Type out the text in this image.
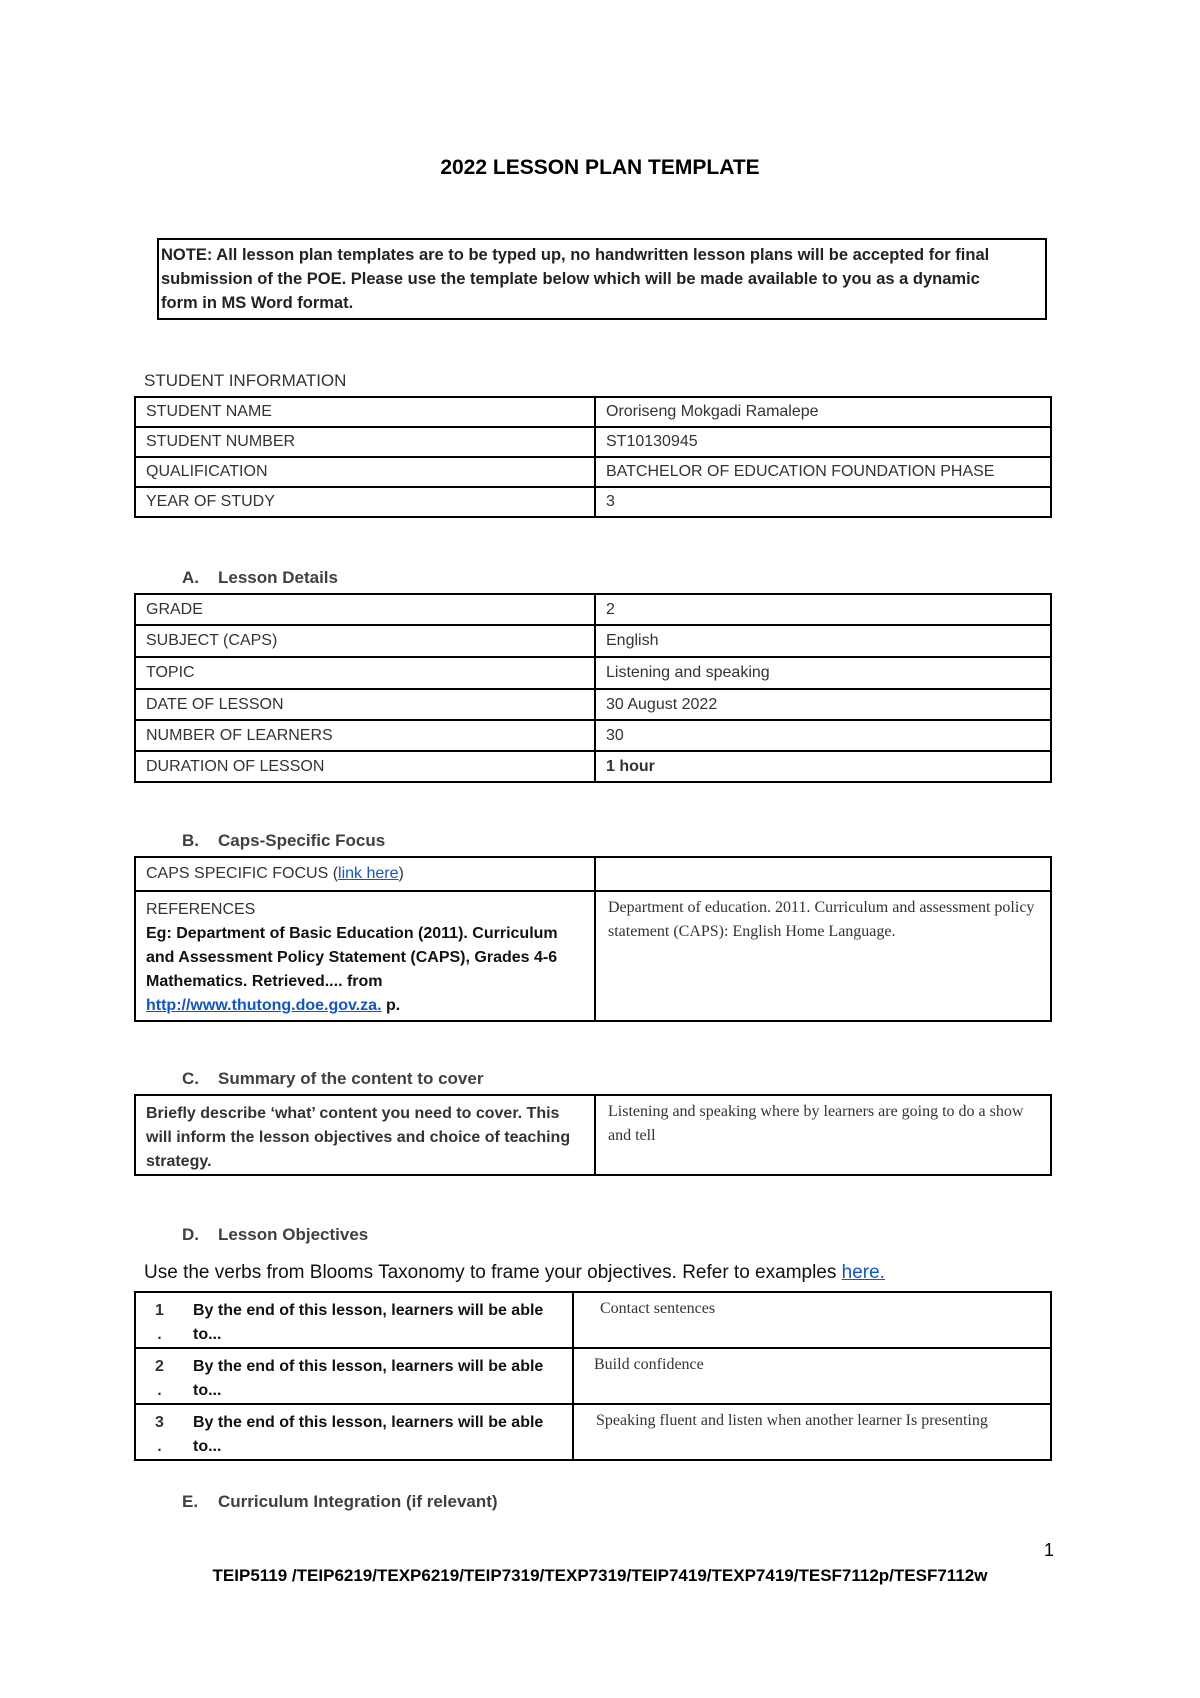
2022 LESSON PLAN TEMPLATE
NOTE: All lesson plan templates are to be typed up, no handwritten lesson plans will be accepted for final
submission of the POE. Please use the template below which will be made available to you as a dynamic
form in MS Word format.
STUDENT INFORMATION
STUDENT NAME	Ororiseng Mokgadi Ramalepe
STUDENT NUMBER	ST10130945
QUALIFICATION	BATCHELOR OF EDUCATION FOUNDATION PHASE
YEAR OF STUDY	3
A. Lesson Details
GRADE	2
SUBJECT (CAPS)	English
TOPIC	Listening and speaking
DATE OF LESSON	30 August 2022
NUMBER OF LEARNERS	30
DURATION OF LESSON	1 hour
B. Caps-Specific Focus
CAPS SPECIFIC FOCUS (link here)	

REFERENCES
Eg: Department of Basic Education (2011). Curriculum and Assessment Policy Statement (CAPS), Grades 4-6 Mathematics. Retrieved.... from
http://www.thutong.doe.gov.za. p.	Department of education. 2011. Curriculum and assessment policy statement (CAPS): English Home Language.
C. Summary of the content to cover
Briefly describe ‘what’ content you need to cover. This will inform the lesson objectives and choice of teaching strategy.	Listening and speaking where by learners are going to do a show and tell
D. Lesson Objectives
Use the verbs from Blooms Taxonomy to frame your objectives. Refer to examples here.
1
.	By the end of this lesson, learners will be able to...	Contact sentences
2
.	By the end of this lesson, learners will be able to...	Build confidence
3
.	By the end of this lesson, learners will be able to...	Speaking fluent and listen when another learner Is presenting
E. Curriculum Integration (if relevant)
1
TEIP5119 /TEIP6219/TEXP6219/TEIP7319/TEXP7319/TEIP7419/TEXP7419/TESF7112p/TESF7112w
